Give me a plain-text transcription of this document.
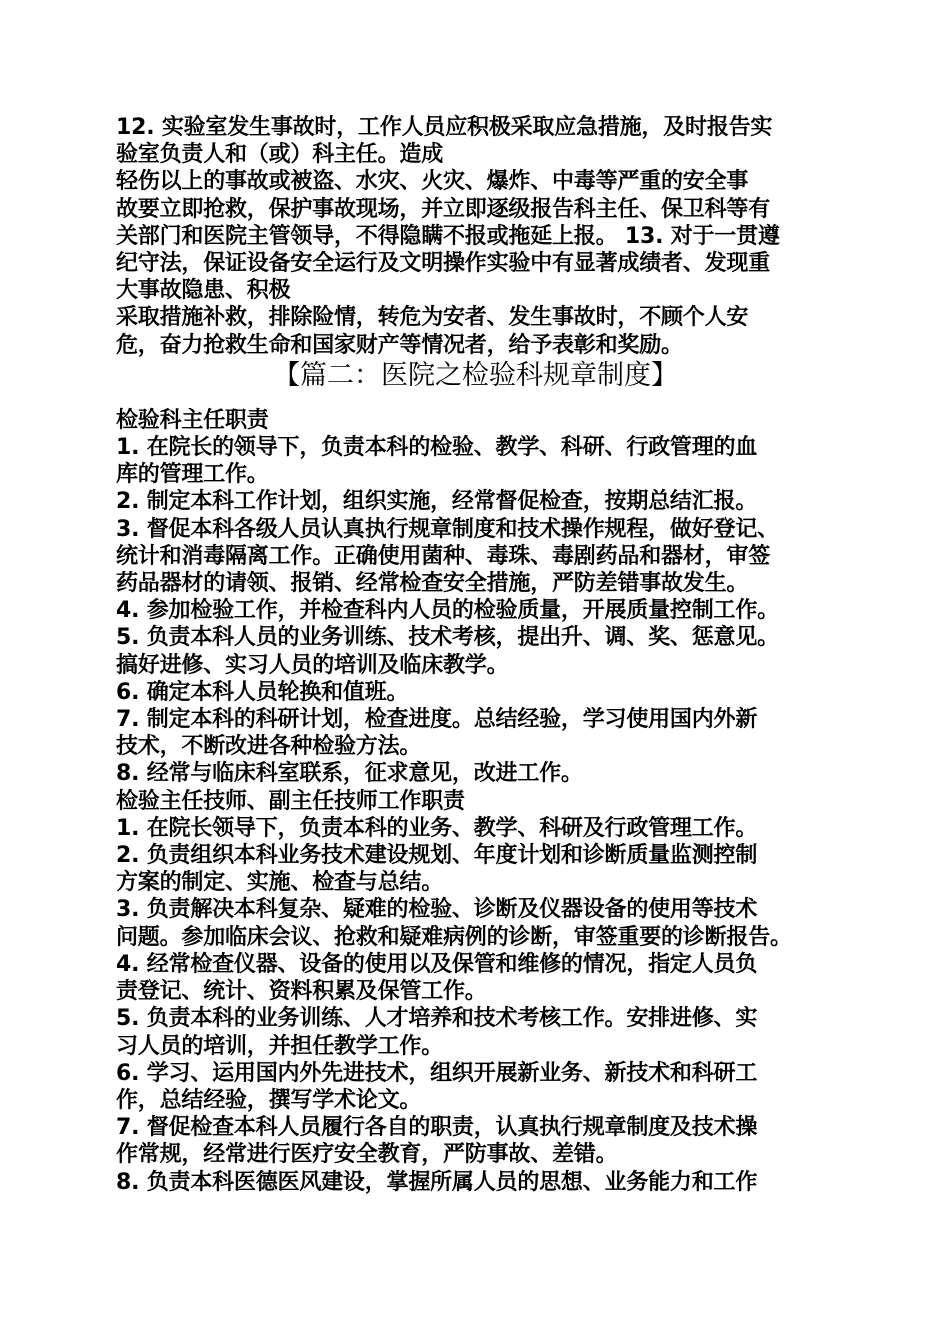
12. 实验室发生事故时，工作人员应积极采取应急措施，及时报告实
验室负责人和（或）科主任。造成
轻伤以上的事故或被盗、水灾、火灾、爆炸、中毒等严重的安全事
故要立即抢救，保护事故现场，并立即逐级报告科主任、保卫科等有
关部门和医院主管领导，不得隐瞒不报或拖延上报。 13. 对于一贯遵
纪守法，保证设备安全运行及文明操作实验中有显著成绩者、发现重
大事故隐患、积极
采取措施补救，排除险情，转危为安者、发生事故时，不顾个人安
危，奋力抢救生命和国家财产等情况者，给予表彰和奖励。
【篇二：医院之检验科规章制度】
检验科主任职责
1. 在院长的领导下，负责本科的检验、教学、科研、行政管理的血
库的管理工作。
2. 制定本科工作计划，组织实施，经常督促检查，按期总结汇报。
3. 督促本科各级人员认真执行规章制度和技术操作规程，做好登记、
统计和消毒隔离工作。正确使用菌种、毒珠、毒剧药品和器材，审签
药品器材的请领、报销、经常检查安全措施，严防差错事故发生。
4. 参加检验工作，并检查科内人员的检验质量，开展质量控制工作。
5. 负责本科人员的业务训练、技术考核，提出升、调、奖、惩意见。
搞好进修、实习人员的培训及临床教学。
6. 确定本科人员轮换和值班。
7. 制定本科的科研计划，检查进度。总结经验，学习使用国内外新
技术，不断改进各种检验方法。
8. 经常与临床科室联系，征求意见，改进工作。
检验主任技师、副主任技师工作职责
1. 在院长领导下，负责本科的业务、教学、科研及行政管理工作。
2. 负责组织本科业务技术建设规划、年度计划和诊断质量监测控制
方案的制定、实施、检查与总结。
3. 负责解决本科复杂、疑难的检验、诊断及仪器设备的使用等技术
问题。参加临床会议、抢救和疑难病例的诊断，审签重要的诊断报告。
4. 经常检查仪器、设备的使用以及保管和维修的情况，指定人员负
责登记、统计、资料积累及保管工作。
5. 负责本科的业务训练、人才培养和技术考核工作。安排进修、实
习人员的培训，并担任教学工作。
6. 学习、运用国内外先进技术，组织开展新业务、新技术和科研工
作，总结经验，撰写学术论文。
7. 督促检查本科人员履行各自的职责，认真执行规章制度及技术操
作常规，经常进行医疗安全教育，严防事故、差错。
8. 负责本科医德医风建设，掌握所属人员的思想、业务能力和工作
